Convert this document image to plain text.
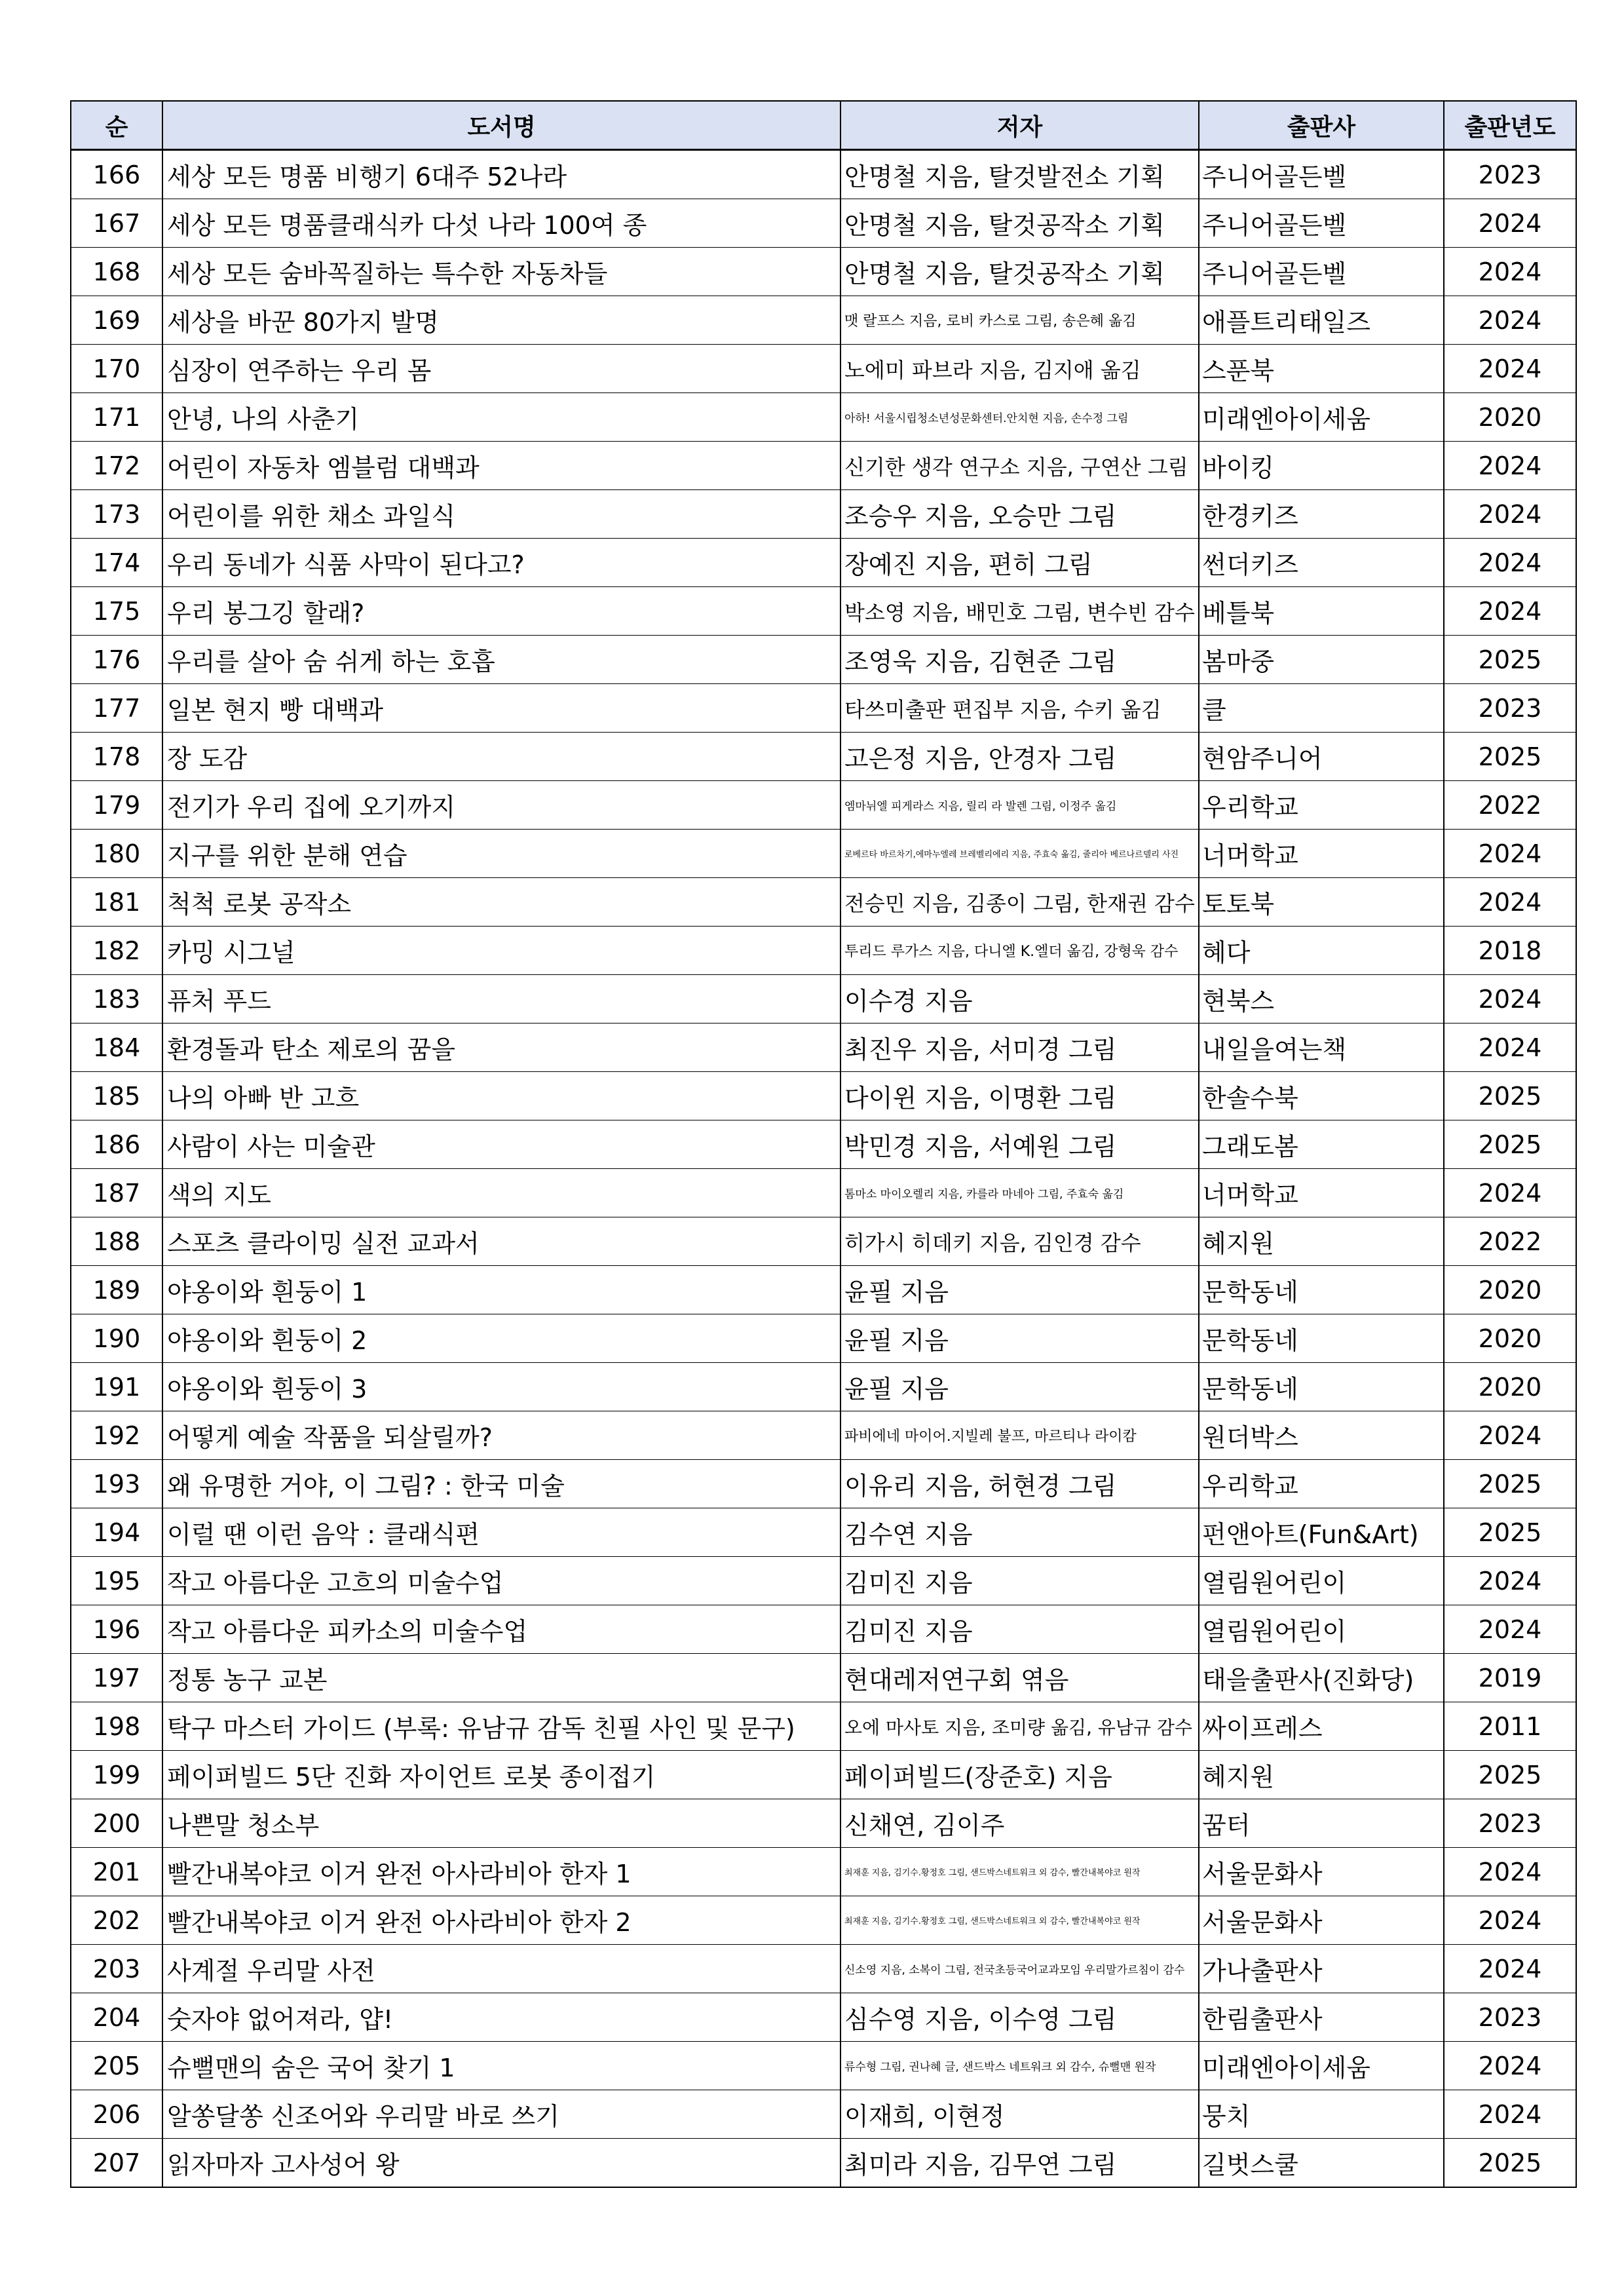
순	도서명	저자	출판사	출판년도
166	세상 모든 명품 비행기 6대주 52나라	안명철 지음, 탈것발전소 기획	주니어골든벨	2023
167	세상 모든 명품클래식카 다섯 나라 100여 종	안명철 지음, 탈것공작소 기획	주니어골든벨	2024
168	세상 모든 숨바꼭질하는 특수한 자동차들	안명철 지음, 탈것공작소 기획	주니어골든벨	2024
169	세상을 바꾼 80가지 발명	맷 랄프스 지음, 로비 카스로 그림, 송은혜 옮김	애플트리태일즈	2024
170	심장이 연주하는 우리 몸	노에미 파브라 지음, 김지애 옮김	스푼북	2024
171	안녕, 나의 사춘기	아하! 서울시립청소년성문화센터.안치현 지음, 손수정 그림	미래엔아이세움	2020
172	어린이 자동차 엠블럼 대백과	신기한 생각 연구소 지음, 구연산 그림	바이킹	2024
173	어린이를 위한 채소 과일식	조승우 지음, 오승만 그림	한경키즈	2024
174	우리 동네가 식품 사막이 된다고?	장예진 지음, 편히 그림	썬더키즈	2024
175	우리 봉그깅 할래?	박소영 지음, 배민호 그림, 변수빈 감수	베틀북	2024
176	우리를 살아 숨 쉬게 하는 호흡	조영욱 지음, 김현준 그림	봄마중	2025
177	일본 현지 빵 대백과	타쓰미출판 편집부 지음, 수키 옮김	클	2023
178	장 도감	고은정 지음, 안경자 그림	현암주니어	2025
179	전기가 우리 집에 오기까지	엠마뉘엘 피게라스 지음, 릴리 라 발렌 그림, 이정주 옮김	우리학교	2022
180	지구를 위한 분해 연습	로베르타 바르차기,에마누엘레 브레벨리에리 지음, 주효숙 옮김, 줄리아 베르나르델리 사진	너머학교	2024
181	척척 로봇 공작소	전승민 지음, 김종이 그림, 한재권 감수	토토북	2024
182	카밍 시그널	투리드 루가스 지음, 다니엘 K.엘더 옮김, 강형욱 감수	혜다	2018
183	퓨처 푸드	이수경 지음	현북스	2024
184	환경돌과 탄소 제로의 꿈을	최진우 지음, 서미경 그림	내일을여는책	2024
185	나의 아빠 반 고흐	다이윈 지음, 이명환 그림	한솔수북	2025
186	사람이 사는 미술관	박민경 지음, 서예원 그림	그래도봄	2025
187	색의 지도	톰마소 마이오렐리 지음, 카를라 마네아 그림, 주효숙 옮김	너머학교	2024
188	스포츠 클라이밍 실전 교과서	히가시 히데키 지음, 김인경 감수	혜지원	2022
189	야옹이와 흰둥이 1	윤필 지음	문학동네	2020
190	야옹이와 흰둥이 2	윤필 지음	문학동네	2020
191	야옹이와 흰둥이 3	윤필 지음	문학동네	2020
192	어떻게 예술 작품을 되살릴까?	파비에네 마이어.지빌레 불프, 마르티나 라이캄	원더박스	2024
193	왜 유명한 거야, 이 그림? : 한국 미술	이유리 지음, 허현경 그림	우리학교	2025
194	이럴 땐 이런 음악 : 클래식편	김수연 지음	펀앤아트(Fun&Art)	2025
195	작고 아름다운 고흐의 미술수업	김미진 지음	열림원어린이	2024
196	작고 아름다운 피카소의 미술수업	김미진 지음	열림원어린이	2024
197	정통 농구 교본	현대레저연구회 엮음	태을출판사(진화당)	2019
198	탁구 마스터 가이드 (부록: 유남규 감독 친필 사인 및 문구)	오에 마사토 지음, 조미량 옮김, 유남규 감수	싸이프레스	2011
199	페이퍼빌드 5단 진화 자이언트 로봇 종이접기	페이퍼빌드(장준호) 지음	혜지원	2025
200	나쁜말 청소부	신채연, 김이주	꿈터	2023
201	빨간내복야코 이거 완전 아사라비아 한자 1	최재훈 지음, 김기수.황정호 그림, 샌드박스네트워크 외 감수, 빨간내복야코 원작	서울문화사	2024
202	빨간내복야코 이거 완전 아사라비아 한자 2	최재훈 지음, 김기수.황정호 그림, 샌드박스네트워크 외 감수, 빨간내복야코 원작	서울문화사	2024
203	사계절 우리말 사전	신소영 지음, 소복이 그림, 전국초등국어교과모임 우리말가르침이 감수	가나출판사	2024
204	숫자야 없어져라, 얍!	심수영 지음, 이수영 그림	한림출판사	2023
205	슈뻘맨의 숨은 국어 찾기 1	류수형 그림, 권나혜 글, 샌드박스 네트워크 외 감수, 슈뻘맨 원작	미래엔아이세움	2024
206	알쏭달쏭 신조어와 우리말 바로 쓰기	이재희, 이현정	뭉치	2024
207	읽자마자 고사성어 왕	최미라 지음, 김무연 그림	길벗스쿨	2025
